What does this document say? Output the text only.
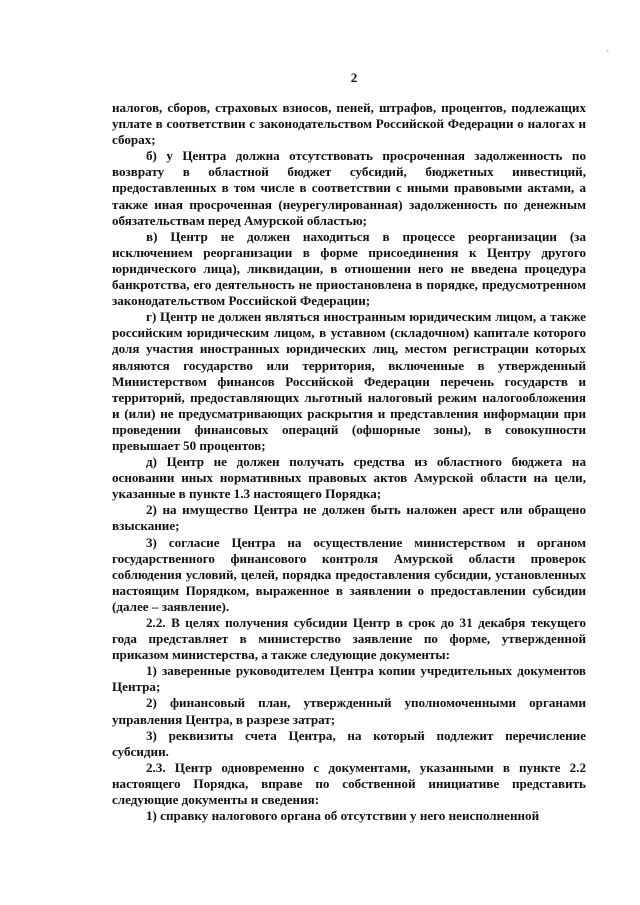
2

налогов, сборов, страховых взносов, пеней, штрафов, процентов, подлежащих уплате в соответствии с законодательством Российской Федерации о налогах и сборах;

б) у Центра должна отсутствовать просроченная задолженность по возврату в областной бюджет субсидий, бюджетных инвестиций, предоставленных в том числе в соответствии с иными правовыми актами, а также иная просроченная (неурегулированная) задолженность по денежным обязательствам перед Амурской областью;

в) Центр не должен находиться в процессе реорганизации (за исключением реорганизации в форме присоединения к Центру другого юридического лица), ликвидации, в отношении него не введена процедура банкротства, его деятельность не приостановлена в порядке, предусмотренном законодательством Российской Федерации;

г) Центр не должен являться иностранным юридическим лицом, а также российским юридическим лицом, в уставном (складочном) капитале которого доля участия иностранных юридических лиц, местом регистрации которых являются государство или территория, включенные в утвержденный Министерством финансов Российской Федерации перечень государств и территорий, предоставляющих льготный налоговый режим налогообложения и (или) не предусматривающих раскрытия и представления информации при проведении финансовых операций (офшорные зоны), в совокупности превышает 50 процентов;

д) Центр не должен получать средства из областного бюджета на основании иных нормативных правовых актов Амурской области на цели, указанные в пункте 1.3 настоящего Порядка;

2) на имущество Центра не должен быть наложен арест или обращено взыскание;

3) согласие Центра на осуществление министерством и органом государственного финансового контроля Амурской области проверок соблюдения условий, целей, порядка предоставления субсидии, установленных настоящим Порядком, выраженное в заявлении о предоставлении субсидии (далее – заявление).

2.2. В целях получения субсидии Центр в срок до 31 декабря текущего года представляет в министерство заявление по форме, утвержденной приказом министерства, а также следующие документы:

1) заверенные руководителем Центра копии учредительных документов Центра;

2) финансовый план, утвержденный уполномоченными органами управления Центра, в разрезе затрат;

3) реквизиты счета Центра, на который подлежит перечисление субсидии.

2.3. Центр одновременно с документами, указанными в пункте 2.2 настоящего Порядка, вправе по собственной инициативе представить следующие документы и сведения:

1) справку налогового органа об отсутствии у него неисполненной

ˋ
